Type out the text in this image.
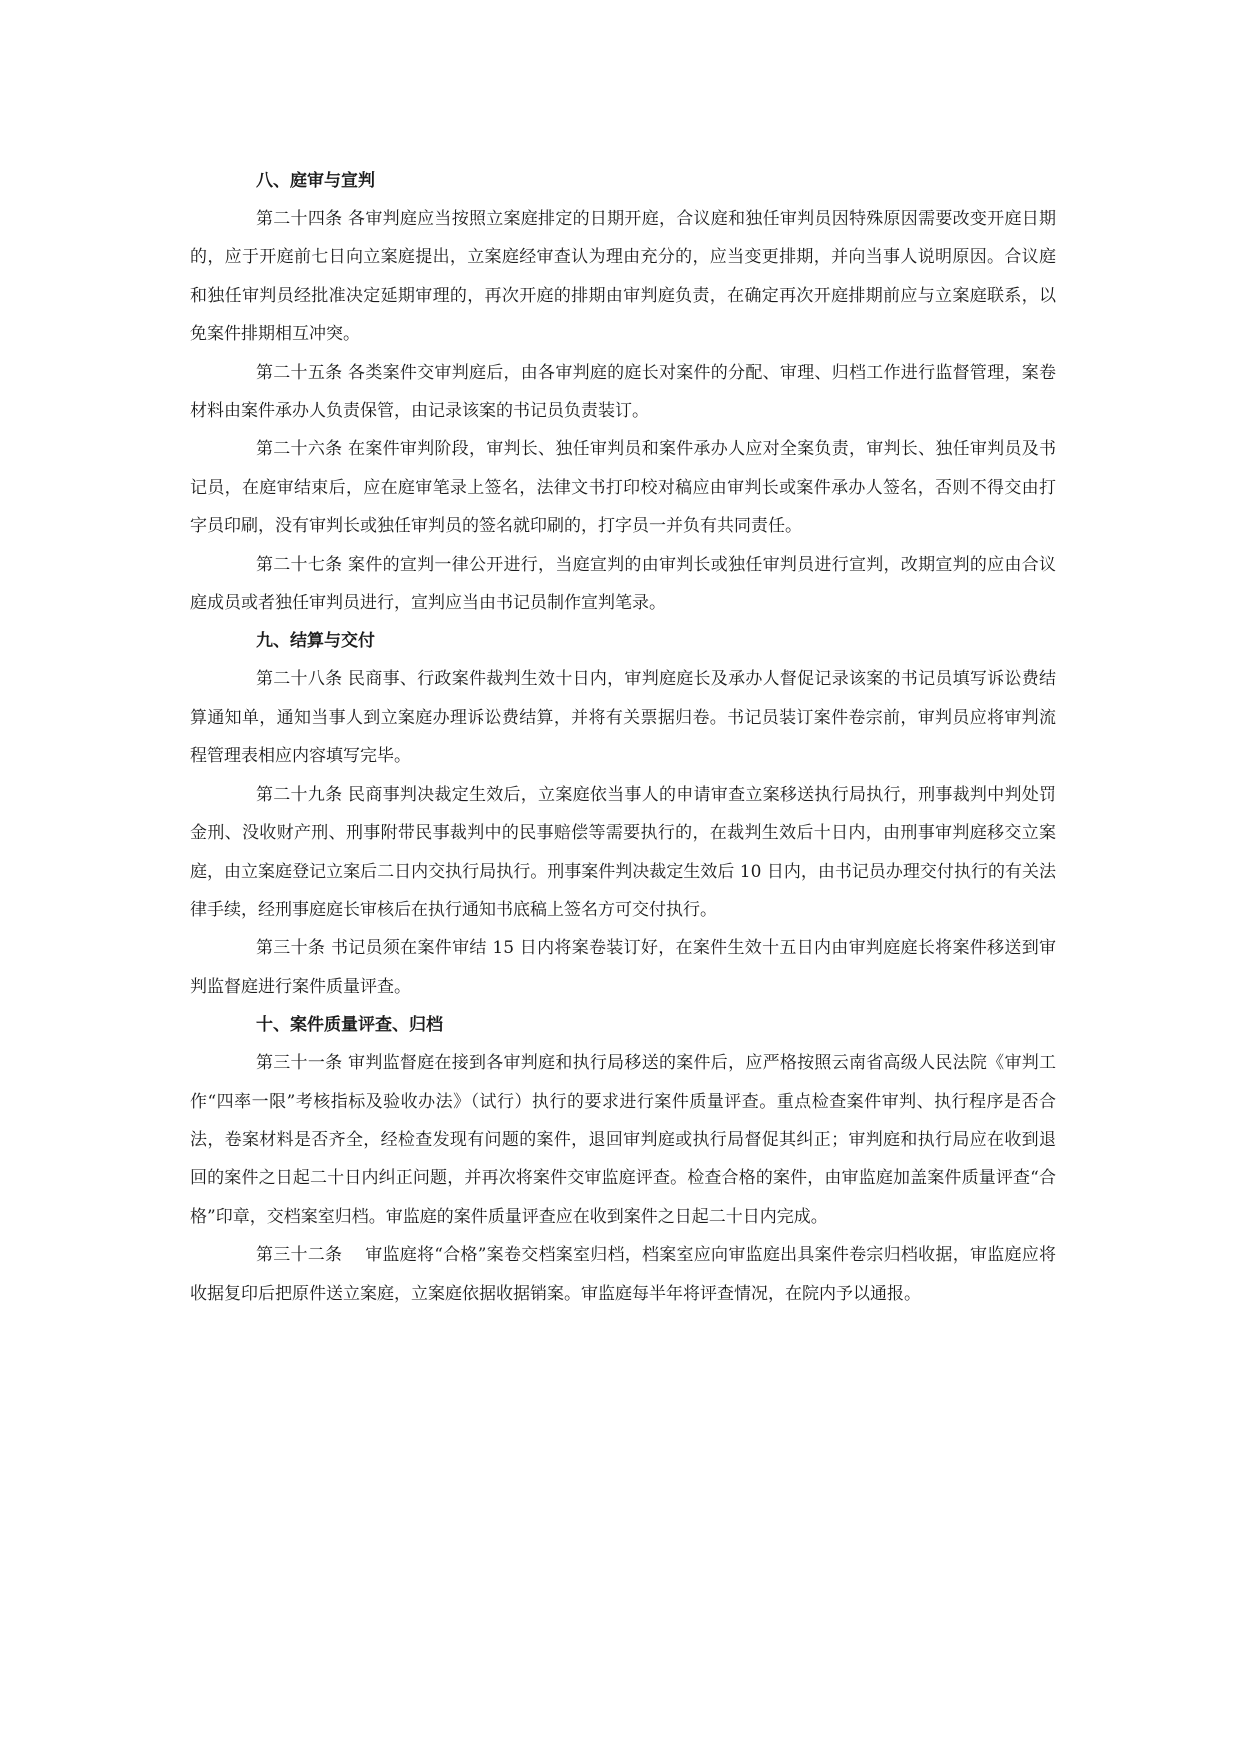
八、庭审与宣判

第二十四条 各审判庭应当按照立案庭排定的日期开庭，合议庭和独任审判员因特殊原因需要改变开庭日期的，应于开庭前七日向立案庭提出，立案庭经审查认为理由充分的，应当变更排期，并向当事人说明原因。合议庭和独任审判员经批准决定延期审理的，再次开庭的排期由审判庭负责，在确定再次开庭排期前应与立案庭联系，以免案件排期相互冲突。

第二十五条 各类案件交审判庭后，由各审判庭的庭长对案件的分配、审理、归档工作进行监督管理，案卷材料由案件承办人负责保管，由记录该案的书记员负责装订。

第二十六条 在案件审判阶段，审判长、独任审判员和案件承办人应对全案负责，审判长、独任审判员及书记员，在庭审结束后，应在庭审笔录上签名，法律文书打印校对稿应由审判长或案件承办人签名，否则不得交由打字员印刷，没有审判长或独任审判员的签名就印刷的，打字员一并负有共同责任。

第二十七条 案件的宣判一律公开进行，当庭宣判的由审判长或独任审判员进行宣判，改期宣判的应由合议庭成员或者独任审判员进行，宣判应当由书记员制作宣判笔录。

九、结算与交付

第二十八条 民商事、行政案件裁判生效十日内，审判庭庭长及承办人督促记录该案的书记员填写诉讼费结算通知单，通知当事人到立案庭办理诉讼费结算，并将有关票据归卷。书记员装订案件卷宗前，审判员应将审判流程管理表相应内容填写完毕。

第二十九条 民商事判决裁定生效后，立案庭依当事人的申请审查立案移送执行局执行，刑事裁判中判处罚金刑、没收财产刑、刑事附带民事裁判中的民事赔偿等需要执行的，在裁判生效后十日内，由刑事审判庭移交立案庭，由立案庭登记立案后二日内交执行局执行。刑事案件判决裁定生效后 10 日内，由书记员办理交付执行的有关法律手续，经刑事庭庭长审核后在执行通知书底稿上签名方可交付执行。

第三十条 书记员须在案件审结 15 日内将案卷装订好，在案件生效十五日内由审判庭庭长将案件移送到审判监督庭进行案件质量评查。

十、案件质量评查、归档

第三十一条 审判监督庭在接到各审判庭和执行局移送的案件后，应严格按照云南省高级人民法院《审判工作“四率一限”考核指标及验收办法》（试行）执行的要求进行案件质量评查。重点检查案件审判、执行程序是否合法，卷案材料是否齐全，经检查发现有问题的案件，退回审判庭或执行局督促其纠正；审判庭和执行局应在收到退回的案件之日起二十日内纠正问题，并再次将案件交审监庭评查。检查合格的案件，由审监庭加盖案件质量评查“合格”印章，交档案室归档。审监庭的案件质量评查应在收到案件之日起二十日内完成。

第三十二条　 审监庭将“合格”案卷交档案室归档，档案室应向审监庭出具案件卷宗归档收据，审监庭应将收据复印后把原件送立案庭，立案庭依据收据销案。审监庭每半年将评查情况，在院内予以通报。
